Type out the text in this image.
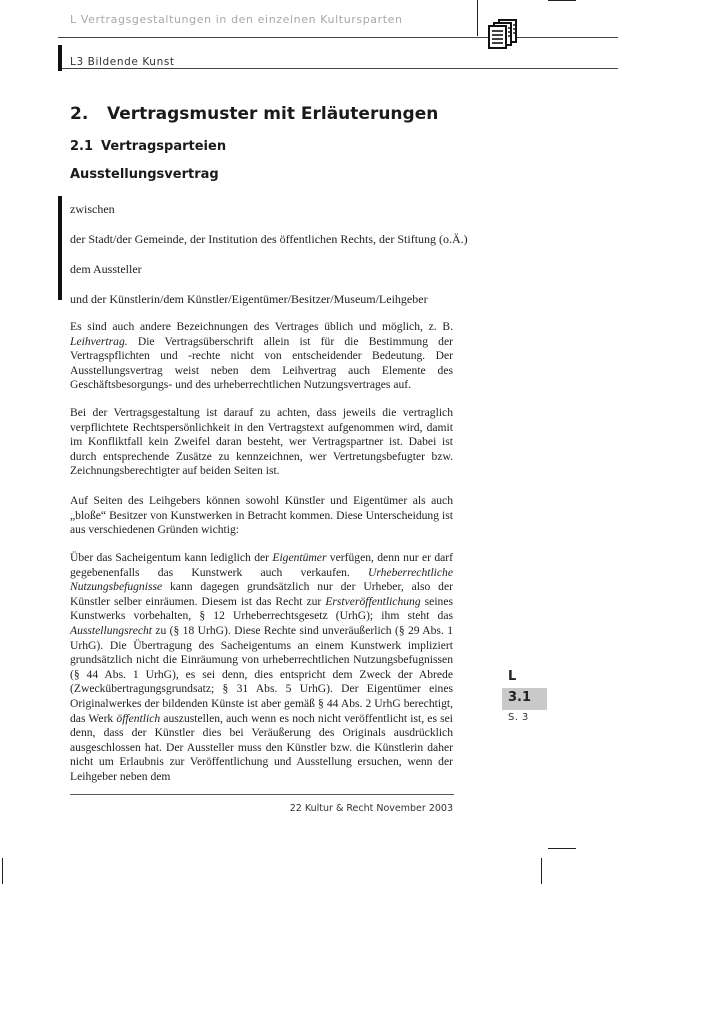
L Vertragsgestaltungen in den einzelnen Kultursparten
L3 Bildende Kunst
2. Vertragsmuster mit Erläuterungen
2.1 Vertragsparteien
Ausstellungsvertrag
zwischen
der Stadt/der Gemeinde, der Institution des öffentlichen Rechts, der Stiftung (o.Ä.)
dem Aussteller
und der Künstlerin/dem Künstler/Eigentümer/Besitzer/Museum/Leihgeber
Es sind auch andere Bezeichnungen des Vertrages üblich und möglich, z. B. Leihvertrag. Die Vertragsüberschrift allein ist für die Bestimmung der Vertragspflichten und -rechte nicht von entscheidender Bedeutung. Der Ausstellungsvertrag weist neben dem Leihvertrag auch Elemente des Geschäftsbesorgungs- und des urheberrechtlichen Nutzungsvertrages auf.
Bei der Vertragsgestaltung ist darauf zu achten, dass jeweils die vertraglich verpflichtete Rechtspersönlichkeit in den Vertragstext aufgenommen wird, damit im Konfliktfall kein Zweifel daran besteht, wer Vertragspartner ist. Dabei ist durch entsprechende Zusätze zu kennzeichnen, wer Vertretungsbefugter bzw. Zeichnungsberechtigter auf beiden Seiten ist.
Auf Seiten des Leihgebers können sowohl Künstler und Eigentümer als auch „bloße“ Besitzer von Kunstwerken in Betracht kommen. Diese Unterscheidung ist aus verschiedenen Gründen wichtig:
Über das Sacheigentum kann lediglich der Eigentümer verfügen, denn nur er darf gegebenenfalls das Kunstwerk auch verkaufen. Urheberrechtliche Nutzungsbefugnisse kann dagegen grundsätzlich nur der Urheber, also der Künstler selber einräumen. Diesem ist das Recht zur Erstveröffentlichung seines Kunstwerks vorbehalten, § 12 Urheberrechtsgesetz (UrhG); ihm steht das Ausstellungsrecht zu (§ 18 UrhG). Diese Rechte sind unveräußerlich (§ 29 Abs. 1 UrhG). Die Übertragung des Sacheigentums an einem Kunstwerk impliziert grundsätzlich nicht die Einräumung von urheberrechtlichen Nutzungsbefugnissen (§ 44 Abs. 1 UrhG), es sei denn, dies entspricht dem Zweck der Abrede (Zweckübertragungsgrundsatz; § 31 Abs. 5 UrhG). Der Eigentümer eines Originalwerkes der bildenden Künste ist aber gemäß § 44 Abs. 2 UrhG berechtigt, das Werk öffentlich auszustellen, auch wenn es noch nicht veröffentlicht ist, es sei denn, dass der Künstler dies bei Veräußerung des Originals ausdrücklich ausgeschlossen hat. Der Aussteller muss den Künstler bzw. die Künstlerin daher nicht um Erlaubnis zur Veröffentlichung und Ausstellung ersuchen, wenn der Leihgeber neben dem
L
3.1
S. 3
22 Kultur & Recht November 2003
